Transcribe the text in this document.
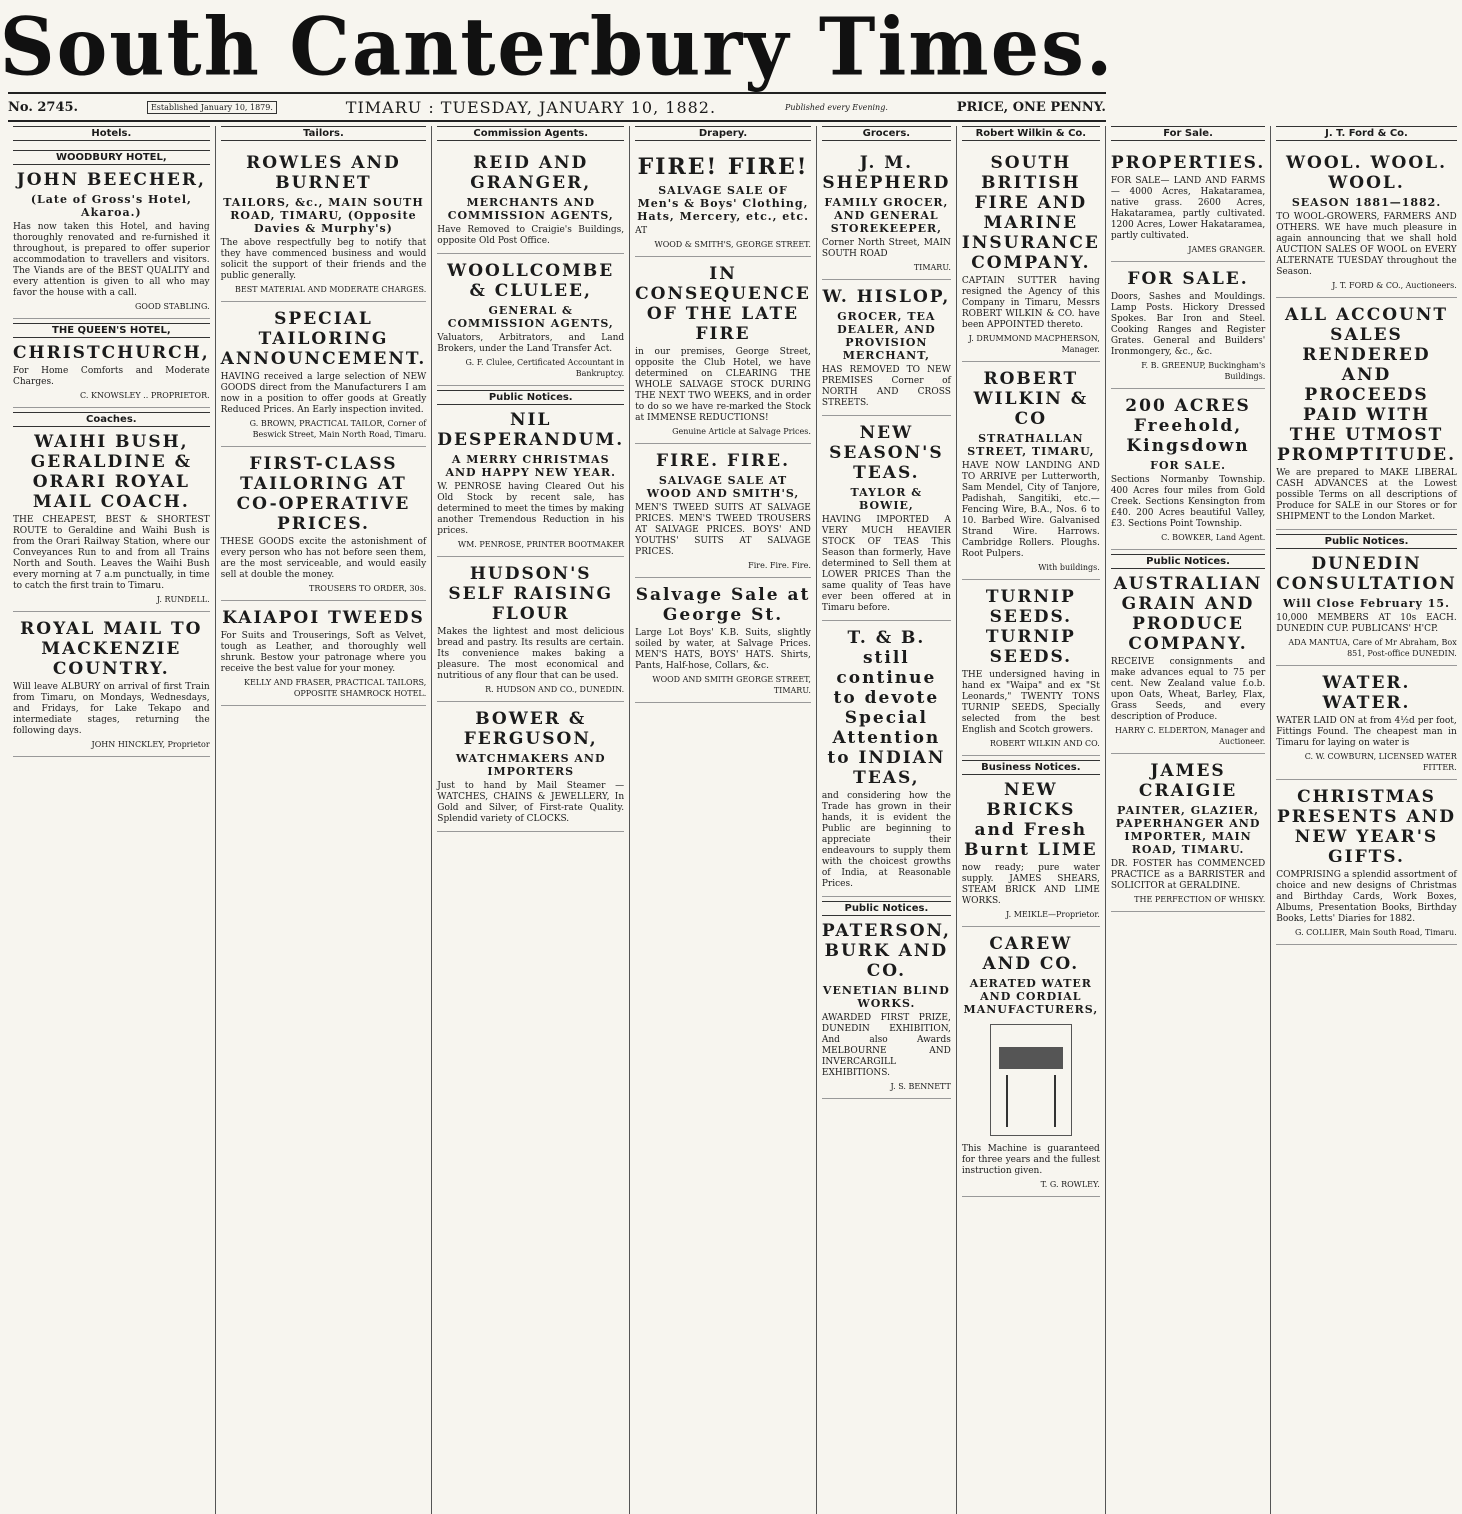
South Canterbury Times.
No. 2745.	Established January 10, 1879.	TIMARU : TUESDAY, JANUARY 10, 1882.	Published every Evening.	PRICE, ONE PENNY.
Hotels.
WOODBURY HOTEL,
JOHN BEECHER,
(Late of Gross's Hotel, Akaroa.)
Has now taken this Hotel, and having thoroughly renovated and re-furnished it throughout, is prepared to offer superior accommodation to travellers and visitors. The Viands are of the BEST QUALITY and every attention is given to all who may favor the house with a call.
GOOD STABLING.
THE QUEEN'S HOTEL,
CHRISTCHURCH,
For Home Comforts and Moderate Charges.
C. KNOWSLEY .. PROPRIETOR.
Coaches.
WAIHI BUSH, GERALDINE & ORARI ROYAL MAIL COACH.
THE CHEAPEST, BEST & SHORTEST ROUTE to Geraldine and Waihi Bush is from the Orari Railway Station, where our Conveyances Run to and from all Trains North and South. Leaves the Waihi Bush every morning at 7 a.m punctually, in time to catch the first train to Timaru.
J. RUNDELL.
ROYAL MAIL TO MACKENZIE COUNTRY.
Will leave ALBURY on arrival of first Train from Timaru, on Mondays, Wednesdays, and Fridays, for Lake Tekapo and intermediate stages, returning the following days.
JOHN HINCKLEY, Proprietor
Tailors.
ROWLES AND BURNET
TAILORS, &c., MAIN SOUTH ROAD, TIMARU, (Opposite Davies & Murphy's)
The above respectfully beg to notify that they have commenced business and would solicit the support of their friends and the public generally.
BEST MATERIAL AND MODERATE CHARGES.
SPECIAL TAILORING ANNOUNCEMENT.
HAVING received a large selection of NEW GOODS direct from the Manufacturers I am now in a position to offer goods at Greatly Reduced Prices. An Early inspection invited.
G. BROWN, PRACTICAL TAILOR, Corner of Beswick Street, Main North Road, Timaru.
FIRST-CLASS TAILORING AT CO-OPERATIVE PRICES.
THESE GOODS excite the astonishment of every person who has not before seen them, are the most serviceable, and would easily sell at double the money.
TROUSERS TO ORDER, 30s.
KAIAPOI TWEEDS
For Suits and Trouserings, Soft as Velvet, tough as Leather, and thoroughly well shrunk. Bestow your patronage where you receive the best value for your money.
KELLY AND FRASER, PRACTICAL TAILORS, OPPOSITE SHAMROCK HOTEL.
Commission Agents.
REID AND GRANGER,
MERCHANTS AND COMMISSION AGENTS,
Have Removed to Craigie's Buildings, opposite Old Post Office.
WOOLLCOMBE & CLULEE,
GENERAL & COMMISSION AGENTS,
Valuators, Arbitrators, and Land Brokers, under the Land Transfer Act.
G. F. Clulee, Certificated Accountant in Bankruptcy.
Public Notices.
NIL DESPERANDUM.
A MERRY CHRISTMAS AND HAPPY NEW YEAR.
W. PENROSE having Cleared Out his Old Stock by recent sale, has determined to meet the times by making another Tremendous Reduction in his prices.
WM. PENROSE, PRINTER BOOTMAKER
HUDSON'S SELF RAISING FLOUR
Makes the lightest and most delicious bread and pastry. Its results are certain. Its convenience makes baking a pleasure. The most economical and nutritious of any flour that can be used.
R. HUDSON AND CO., DUNEDIN.
BOWER & FERGUSON,
WATCHMAKERS AND IMPORTERS
Just to hand by Mail Steamer — WATCHES, CHAINS & JEWELLERY, In Gold and Silver, of First-rate Quality. Splendid variety of CLOCKS.
Drapery.
FIRE! FIRE!
SALVAGE SALE OF Men's & Boys' Clothing, Hats, Mercery, etc., etc.
AT
WOOD & SMITH'S, GEORGE STREET.
IN CONSEQUENCE OF THE LATE FIRE
in our premises, George Street, opposite the Club Hotel, we have determined on CLEARING THE WHOLE SALVAGE STOCK DURING THE NEXT TWO WEEKS, and in order to do so we have re-marked the Stock at IMMENSE REDUCTIONS!
Genuine Article at Salvage Prices.
FIRE. FIRE.
SALVAGE SALE AT WOOD AND SMITH'S,
MEN'S TWEED SUITS AT SALVAGE PRICES. MEN'S TWEED TROUSERS AT SALVAGE PRICES. BOYS' AND YOUTHS' SUITS AT SALVAGE PRICES.
Fire. Fire. Fire.
Salvage Sale at George St.
Large Lot Boys' K.B. Suits, slightly soiled by water, at Salvage Prices. MEN'S HATS, BOYS' HATS. Shirts, Pants, Half-hose, Collars, &c.
WOOD AND SMITH GEORGE STREET, TIMARU.
Grocers.
J. M. SHEPHERD
FAMILY GROCER, AND GENERAL STOREKEEPER,
Corner North Street, MAIN SOUTH ROAD
TIMARU.
W. HISLOP,
GROCER, TEA DEALER, AND PROVISION MERCHANT,
HAS REMOVED TO NEW PREMISES Corner of NORTH AND CROSS STREETS.
NEW SEASON'S TEAS.
TAYLOR & BOWIE,
HAVING IMPORTED A VERY MUCH HEAVIER STOCK OF TEAS This Season than formerly, Have determined to Sell them at LOWER PRICES Than the same quality of Teas have ever been offered at in Timaru before.
T. & B. still continue to devote Special Attention to INDIAN TEAS,
and considering how the Trade has grown in their hands, it is evident the Public are beginning to appreciate their endeavours to supply them with the choicest growths of India, at Reasonable Prices.
Public Notices.
PATERSON, BURK AND CO.
VENETIAN BLIND WORKS.
AWARDED FIRST PRIZE, DUNEDIN EXHIBITION, And also Awards MELBOURNE AND INVERCARGILL EXHIBITIONS.
J. S. BENNETT
Robert Wilkin & Co.
SOUTH BRITISH FIRE AND MARINE INSURANCE COMPANY.
CAPTAIN SUTTER having resigned the Agency of this Company in Timaru, Messrs ROBERT WILKIN & CO. have been APPOINTED thereto.
J. DRUMMOND MACPHERSON, Manager.
ROBERT WILKIN & CO
STRATHALLAN STREET, TIMARU,
HAVE NOW LANDING AND TO ARRIVE per Lutterworth, Sam Mendel, City of Tanjore, Padishah, Sangitiki, etc.— Fencing Wire, B.A., Nos. 6 to 10. Barbed Wire. Galvanised Strand Wire. Harrows. Cambridge Rollers. Ploughs. Root Pulpers.
With buildings.
TURNIP SEEDS. TURNIP SEEDS.
THE undersigned having in hand ex "Waipa" and ex "St Leonards," TWENTY TONS TURNIP SEEDS, Specially selected from the best English and Scotch growers.
ROBERT WILKIN AND CO.
Business Notices.
NEW BRICKS and Fresh Burnt LIME
now ready; pure water supply. JAMES SHEARS, STEAM BRICK AND LIME WORKS.
J. MEIKLE—Proprietor.
CAREW AND CO.
AERATED WATER AND CORDIAL MANUFACTURERS,
This Machine is guaranteed for three years and the fullest instruction given.
T. G. ROWLEY.
For Sale.
PROPERTIES.
FOR SALE— LAND AND FARMS— 4000 Acres, Hakataramea, native grass. 2600 Acres, Hakataramea, partly cultivated. 1200 Acres, Lower Hakataramea, partly cultivated.
JAMES GRANGER.
FOR SALE.
Doors, Sashes and Mouldings. Lamp Posts. Hickory Dressed Spokes. Bar Iron and Steel. Cooking Ranges and Register Grates. General and Builders' Ironmongery, &c., &c.
F. B. GREENUP, Buckingham's Buildings.
200 ACRES Freehold, Kingsdown
FOR SALE.
Sections Normanby Township. 400 Acres four miles from Gold Creek. Sections Kensington from £40. 200 Acres beautiful Valley, £3. Sections Point Township.
C. BOWKER, Land Agent.
Public Notices.
AUSTRALIAN GRAIN AND PRODUCE COMPANY.
RECEIVE consignments and make advances equal to 75 per cent. New Zealand value f.o.b. upon Oats, Wheat, Barley, Flax, Grass Seeds, and every description of Produce.
HARRY C. ELDERTON, Manager and Auctioneer.
JAMES CRAIGIE
PAINTER, GLAZIER, PAPERHANGER AND IMPORTER, MAIN ROAD, TIMARU.
DR. FOSTER has COMMENCED PRACTICE as a BARRISTER and SOLICITOR at GERALDINE.
THE PERFECTION OF WHISKY.
J. T. Ford & Co.
WOOL. WOOL. WOOL.
SEASON 1881—1882.
TO WOOL-GROWERS, FARMERS AND OTHERS. WE have much pleasure in again announcing that we shall hold AUCTION SALES OF WOOL on EVERY ALTERNATE TUESDAY throughout the Season.
J. T. FORD & CO., Auctioneers.
ALL ACCOUNT SALES RENDERED AND PROCEEDS PAID WITH THE UTMOST PROMPTITUDE.
We are prepared to MAKE LIBERAL CASH ADVANCES at the Lowest possible Terms on all descriptions of Produce for SALE in our Stores or for SHIPMENT to the London Market.
Public Notices.
DUNEDIN CONSULTATION
Will Close February 15.
10,000 MEMBERS AT 10s EACH. DUNEDIN CUP. PUBLICANS' H'CP.
ADA MANTUA, Care of Mr Abraham, Box 851, Post-office DUNEDIN.
WATER. WATER.
WATER LAID ON at from 4½d per foot, Fittings Found. The cheapest man in Timaru for laying on water is
C. W. COWBURN, LICENSED WATER FITTER.
CHRISTMAS PRESENTS AND NEW YEAR'S GIFTS.
COMPRISING a splendid assortment of choice and new designs of Christmas and Birthday Cards, Work Boxes, Albums, Presentation Books, Birthday Books, Letts' Diaries for 1882.
G. COLLIER, Main South Road, Timaru.
